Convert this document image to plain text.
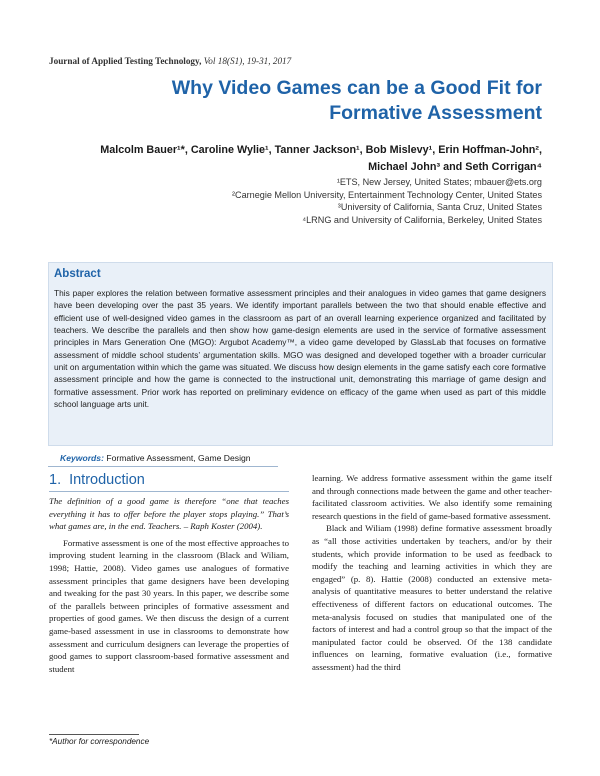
Journal of Applied Testing Technology, Vol 18(S1), 19-31, 2017
Why Video Games can be a Good Fit for
Formative Assessment
Malcolm Bauer¹*, Caroline Wylie¹, Tanner Jackson¹, Bob Mislevy¹, Erin Hoffman-John²,
Michael John³ and Seth Corrigan⁴
¹ETS, New Jersey, United States; mbauer@ets.org
²Carnegie Mellon University, Entertainment Technology Center, United States
³University of California, Santa Cruz, United States
⁴LRNG and University of California, Berkeley, United States
Abstract
This paper explores the relation between formative assessment principles and their analogues in video games that game designers have been developing over the past 35 years. We identify important parallels between the two that should enable effective and efficient use of well-designed video games in the classroom as part of an overall learning experience organized and facilitated by teachers. We describe the parallels and then show how game-design elements are used in the service of formative assessment principles in Mars Generation One (MGO): Argubot Academy™, a video game developed by GlassLab that focuses on formative assessment of middle school students’ argumentation skills. MGO was designed and developed together with a broader curricular unit on argumentation within which the game was situated. We discuss how design elements in the game satisfy each core formative assessment principle and how the game is connected to the instructional unit, demonstrating this marriage of game design and formative assessment. Prior work has reported on preliminary evidence on efficacy of the game when used as part of this middle school language arts unit.
Keywords: Formative Assessment, Game Design
1. Introduction

The definition of a good game is therefore “one that teaches everything it has to offer before the player stops playing.” That’s what games are, in the end. Teachers. – Raph Koster (2004).

Formative assessment is one of the most effective approaches to improving student learning in the classroom (Black and Wiliam, 1998; Hattie, 2008). Video games use analogues of formative assessment principles that game designers have been developing and tweaking for the past 30 years. In this paper, we describe some of the parallels between principles of formative assessment and properties of good games. We then discuss the design of a current game-based assessment in use in classrooms to demonstrate how assessment and curriculum designers can leverage the properties of good games to support classroom-based formative assessment and student

learning. We address formative assessment within the game itself and through connections made between the game and other teacher-facilitated classroom activities. We also identify some remaining research questions in the field of game-based formative assessment.

Black and Wiliam (1998) define formative assessment broadly as “all those activities undertaken by teachers, and/or by their students, which provide information to be used as feedback to modify the teaching and learning activities in which they are engaged” (p. 8). Hattie (2008) conducted an extensive meta-analysis of quantitative measures to better understand the relative effectiveness of different factors on educational outcomes. The meta-analysis focused on studies that manipulated one of the factors of interest and had a control group so that the impact of the manipulated factor could be observed. Of the 138 candidate influences on learning, formative evaluation (i.e., formative assessment) had the third

*Author for correspondence
